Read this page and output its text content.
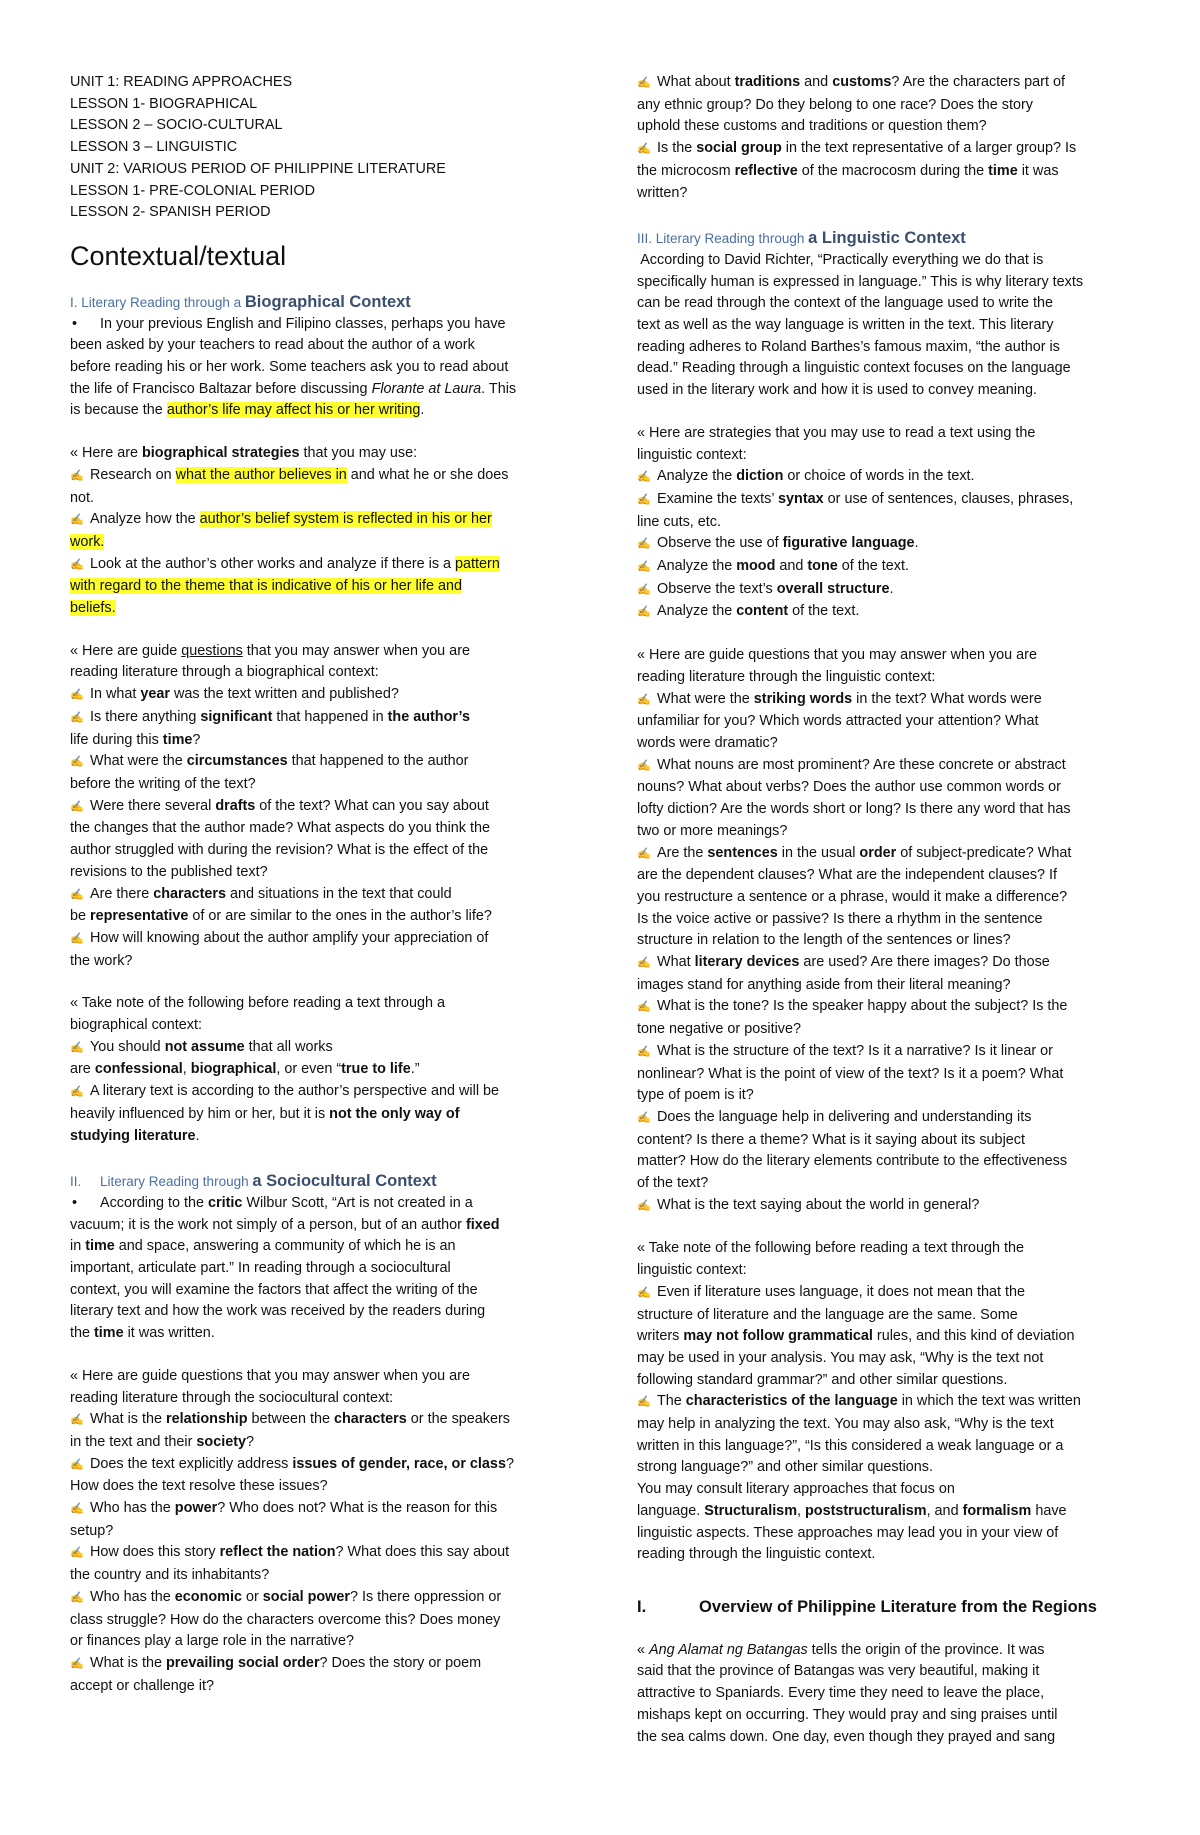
UNIT 1: READING APPROACHES
LESSON 1- BIOGRAPHICAL
LESSON 2 – SOCIO-CULTURAL
LESSON 3 – LINGUISTIC
UNIT 2: VARIOUS PERIOD OF PHILIPPINE LITERATURE
LESSON 1- PRE-COLONIAL PERIOD
LESSON 2- SPANISH PERIOD
Contextual/textual
I. Literary Reading through a Biographical Context
• In your previous English and Filipino classes, perhaps you have
been asked by your teachers to read about the author of a work
before reading his or her work. Some teachers ask you to read about
the life of Francisco Baltazar before discussing Florante at Laura. This
is because the author’s life may affect his or her writing.
« Here are biographical strategies that you may use:
✍ Research on what the author believes in and what he or she does
not.
✍ Analyze how the author’s belief system is reflected in his or her
work.
✍ Look at the author’s other works and analyze if there is a pattern
with regard to the theme that is indicative of his or her life and
beliefs.
« Here are guide questions that you may answer when you are
reading literature through a biographical context:
✍ In what year was the text written and published?
✍ Is there anything significant that happened in the author’s
life during this time?
✍ What were the circumstances that happened to the author
before the writing of the text?
✍ Were there several drafts of the text? What can you say about
the changes that the author made? What aspects do you think the
author struggled with during the revision? What is the effect of the
revisions to the published text?
✍ Are there characters and situations in the text that could
be representative of or are similar to the ones in the author’s life?
✍ How will knowing about the author amplify your appreciation of
the work?
« Take note of the following before reading a text through a
biographical context:
✍ You should not assume that all works
are confessional, biographical, or even “true to life.”
✍ A literary text is according to the author’s perspective and will be
heavily influenced by him or her, but it is not the only way of
studying literature.
II.     Literary Reading through a Sociocultural Context
• According to the critic Wilbur Scott, “Art is not created in a
vacuum; it is the work not simply of a person, but of an author fixed
in time and space, answering a community of which he is an
important, articulate part.” In reading through a sociocultural
context, you will examine the factors that affect the writing of the
literary text and how the work was received by the readers during
the time it was written.
« Here are guide questions that you may answer when you are
reading literature through the sociocultural context:
✍ What is the relationship between the characters or the speakers
in the text and their society?
✍ Does the text explicitly address issues of gender, race, or class?
How does the text resolve these issues?
✍ Who has the power? Who does not? What is the reason for this
setup?
✍ How does this story reflect the nation? What does this say about
the country and its inhabitants?
✍ Who has the economic or social power? Is there oppression or
class struggle? How do the characters overcome this? Does money
or finances play a large role in the narrative?
✍ What is the prevailing social order? Does the story or poem
accept or challenge it?
✍ What about traditions and customs? Are the characters part of
any ethnic group? Do they belong to one race? Does the story
uphold these customs and traditions or question them?
✍ Is the social group in the text representative of a larger group? Is
the microcosm reflective of the macrocosm during the time it was
written?
III. Literary Reading through a Linguistic Context
According to David Richter, “Practically everything we do that is
specifically human is expressed in language.” This is why literary texts
can be read through the context of the language used to write the
text as well as the way language is written in the text. This literary
reading adheres to Roland Barthes’s famous maxim, “the author is
dead.” Reading through a linguistic context focuses on the language
used in the literary work and how it is used to convey meaning.
« Here are strategies that you may use to read a text using the
linguistic context:
✍ Analyze the diction or choice of words in the text.
✍ Examine the texts’ syntax or use of sentences, clauses, phrases,
line cuts, etc.
✍ Observe the use of figurative language.
✍ Analyze the mood and tone of the text.
✍ Observe the text’s overall structure.
✍ Analyze the content of the text.
« Here are guide questions that you may answer when you are
reading literature through the linguistic context:
✍ What were the striking words in the text? What words were
unfamiliar for you? Which words attracted your attention? What
words were dramatic?
✍ What nouns are most prominent? Are these concrete or abstract
nouns? What about verbs? Does the author use common words or
lofty diction? Are the words short or long? Is there any word that has
two or more meanings?
✍ Are the sentences in the usual order of subject-predicate? What
are the dependent clauses? What are the independent clauses? If
you restructure a sentence or a phrase, would it make a difference?
Is the voice active or passive? Is there a rhythm in the sentence
structure in relation to the length of the sentences or lines?
✍ What literary devices are used? Are there images? Do those
images stand for anything aside from their literal meaning?
✍ What is the tone? Is the speaker happy about the subject? Is the
tone negative or positive?
✍ What is the structure of the text? Is it a narrative? Is it linear or
nonlinear? What is the point of view of the text? Is it a poem? What
type of poem is it?
✍ Does the language help in delivering and understanding its
content? Is there a theme? What is it saying about its subject
matter? How do the literary elements contribute to the effectiveness
of the text?
✍ What is the text saying about the world in general?
« Take note of the following before reading a text through the
linguistic context:
✍ Even if literature uses language, it does not mean that the
structure of literature and the language are the same. Some
writers may not follow grammatical rules, and this kind of deviation
may be used in your analysis. You may ask, “Why is the text not
following standard grammar?” and other similar questions.
✍ The characteristics of the language in which the text was written
may help in analyzing the text. You may also ask, “Why is the text
written in this language?”, “Is this considered a weak language or a
strong language?” and other similar questions.
You may consult literary approaches that focus on
language. Structuralism, poststructuralism, and formalism have
linguistic aspects. These approaches may lead you in your view of
reading through the linguistic context.
I.	Overview of Philippine Literature from the Regions
« Ang Alamat ng Batangas tells the origin of the province. It was
said that the province of Batangas was very beautiful, making it
attractive to Spaniards. Every time they need to leave the place,
mishaps kept on occurring. They would pray and sing praises until
the sea calms down. One day, even though they prayed and sang
